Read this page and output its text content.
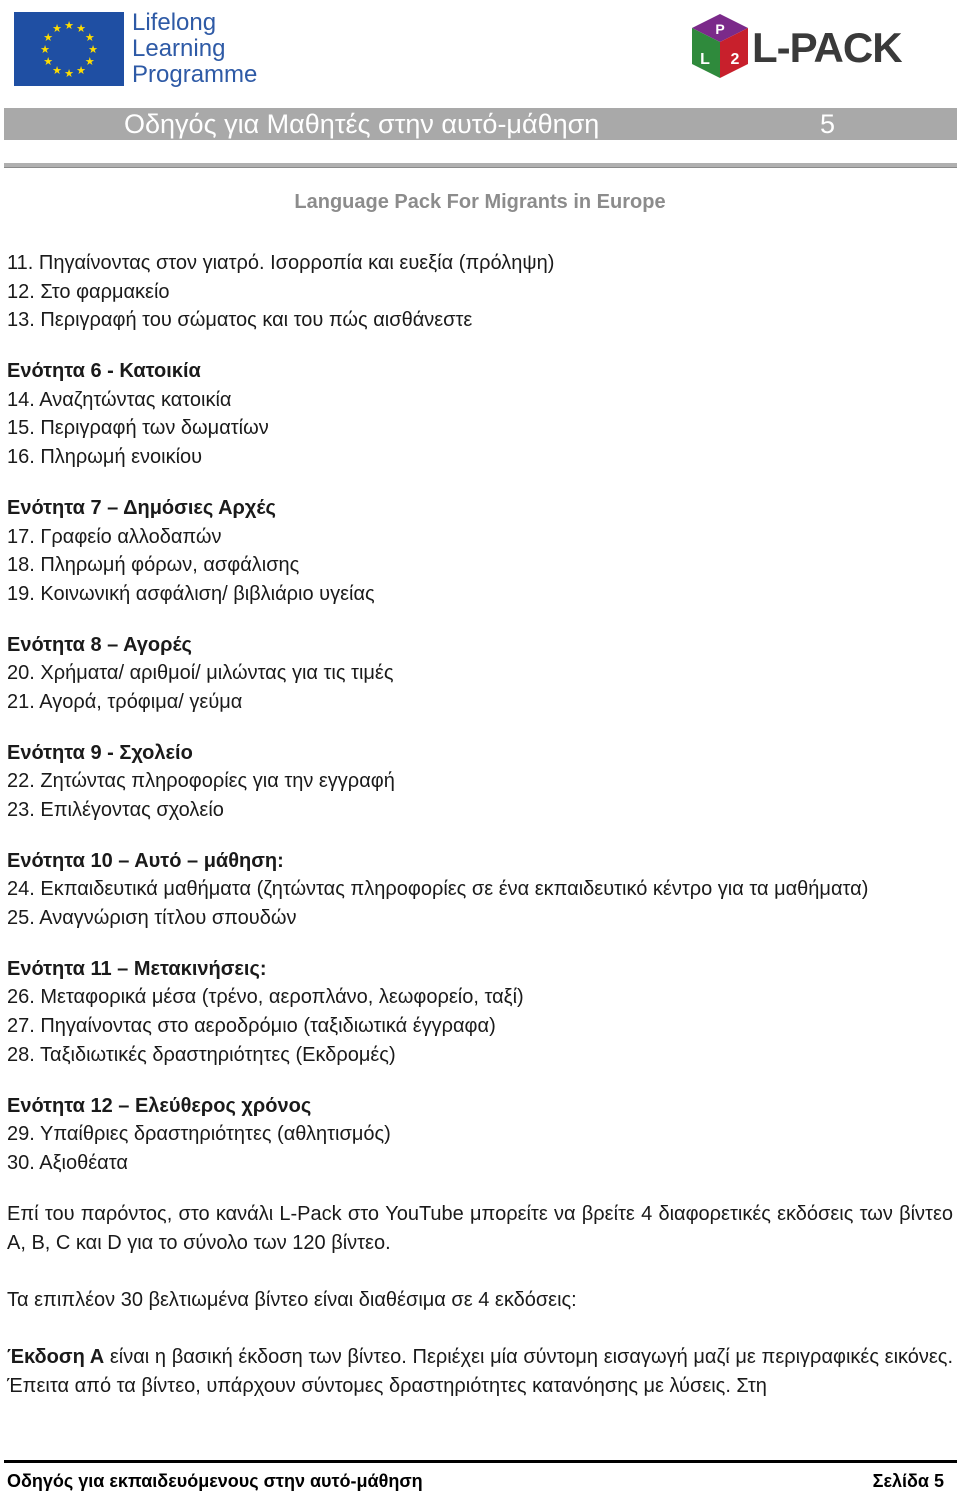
★ ★
★
★
★
★
★
★
★
★
★
★	Lifelong
Learning
Programme
P
L 2 L-PACK
Οδηγός για Μαθητές στην αυτό-μάθηση	5
Language Pack For Migrants in Europe
11. Πηγαίνοντας στον γιατρό. Ισορροπία και ευεξία (πρόληψη)
12. Στο φαρμακείο
13. Περιγραφή του σώματος και του πώς αισθάνεστε
Ενότητα 6 - Κατοικία
14. Αναζητώντας κατοικία
15. Περιγραφή των δωματίων
16. Πληρωμή ενοικίου
Ενότητα 7 – Δημόσιες Αρχές
17. Γραφείο αλλοδαπών
18. Πληρωμή φόρων, ασφάλισης
19. Κοινωνική ασφάλιση/ βιβλιάριο υγείας
Ενότητα 8 – Αγορές
20. Χρήματα/ αριθμοί/ μιλώντας για τις τιμές
21. Αγορά, τρόφιμα/ γεύμα
Ενότητα 9 - Σχολείο
22. Ζητώντας πληροφορίες για την εγγραφή
23. Επιλέγοντας σχολείο
Ενότητα 10 – Αυτό – μάθηση:
24. Εκπαιδευτικά μαθήματα (ζητώντας πληροφορίες σε ένα εκπαιδευτικό κέντρο για τα μαθήματα)
25. Αναγνώριση τίτλου σπουδών
Ενότητα 11 – Μετακινήσεις:
26. Μεταφορικά μέσα (τρένο, αεροπλάνο, λεωφορείο, ταξί)
27. Πηγαίνοντας στο αεροδρόμιο (ταξιδιωτικά έγγραφα)
28. Ταξιδιωτικές δραστηριότητες (Εκδρομές)
Ενότητα 12 – Ελεύθερος χρόνος
29. Υπαίθριες δραστηριότητες (αθλητισμός)
30. Αξιοθέατα

Επί του παρόντος, στο κανάλι L-Pack στο YouTube μπορείτε να βρείτε 4 διαφορετικές εκδόσεις των βίντεο A, B, C και D για το σύνολο των 120 βίντεο.

Τα επιπλέον 30 βελτιωμένα βίντεο είναι διαθέσιμα σε 4 εκδόσεις:

Έκδοση Α είναι η βασική έκδοση των βίντεο. Περιέχει μία σύντομη εισαγωγή μαζί με περιγραφικές εικόνες. Έπειτα από τα βίντεο, υπάρχουν σύντομες δραστηριότητες κατανόησης με λύσεις. Στη

Οδηγός για εκπαιδευόμενους στην αυτό-μάθηση	Σελίδα 5
